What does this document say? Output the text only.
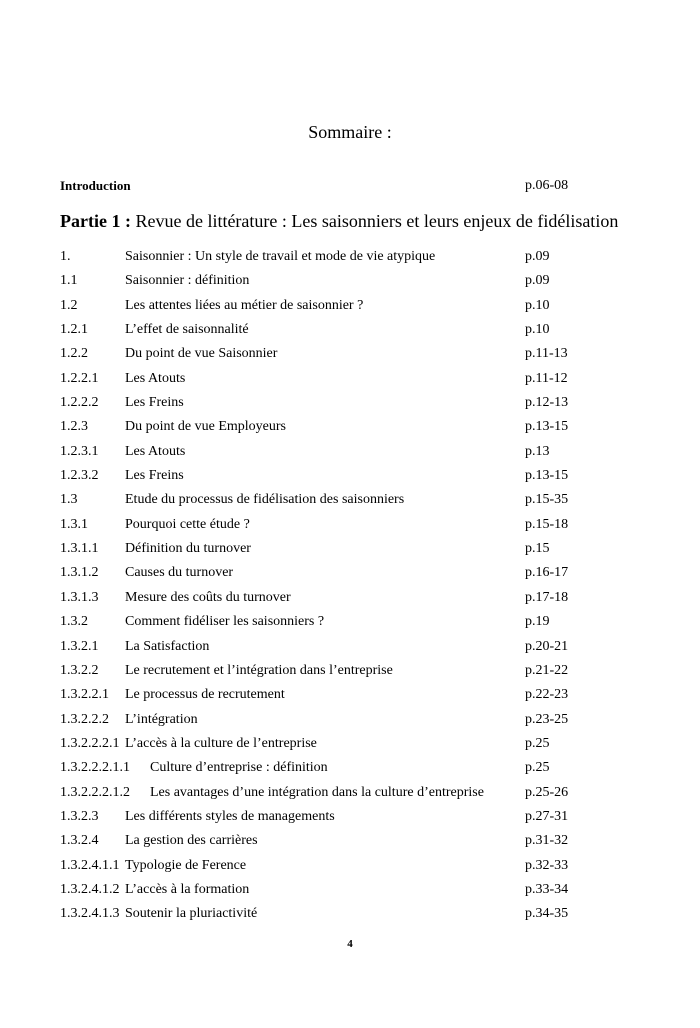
Sommaire :
Introduction	p.06-08
Partie 1 : Revue de littérature : Les saisonniers et leurs enjeux de fidélisation
1.	Saisonnier : Un style de travail et mode de vie atypique	p.09
1.1	Saisonnier : définition	p.09
1.2	Les attentes liées au métier de saisonnier ?	p.10
1.2.1	L’effet de saisonnalité	p.10
1.2.2	Du point de vue Saisonnier	p.11-13
1.2.2.1 Les Atouts	p.11-12
1.2.2.2 Les Freins	p.12-13
1.2.3	Du point de vue Employeurs	p.13-15
1.2.3.1 Les Atouts	p.13
1.2.3.2 Les Freins	p.13-15
1.3	Etude du processus de fidélisation des saisonniers	p.15-35
1.3.1	Pourquoi cette étude ?	p.15-18
1.3.1.1 Définition du turnover	p.15
1.3.1.2 Causes du turnover	p.16-17
1.3.1.3 Mesure des coûts du turnover	p.17-18
1.3.2	Comment fidéliser les saisonniers ?	p.19
1.3.2.1 La Satisfaction	p.20-21
1.3.2.2 Le recrutement et l’intégration dans l’entreprise	p.21-22
1.3.2.2.1 Le processus de recrutement	p.22-23
1.3.2.2.2 L’intégration	p.23-25
1.3.2.2.2.1 L’accès à la culture de l’entreprise	p.25
1.3.2.2.2.1.1 Culture d’entreprise : définition	p.25
1.3.2.2.2.1.2 Les avantages d’une intégration dans la culture d’entreprise	p.25-26
1.3.2.3 Les différents styles de managements	p.27-31
1.3.2.4 La gestion des carrières	p.31-32
1.3.2.4.1.1 Typologie de Ference	p.32-33
1.3.2.4.1.2 L’accès à la formation	p.33-34
1.3.2.4.1.3 Soutenir la pluriactivité	p.34-35
4
